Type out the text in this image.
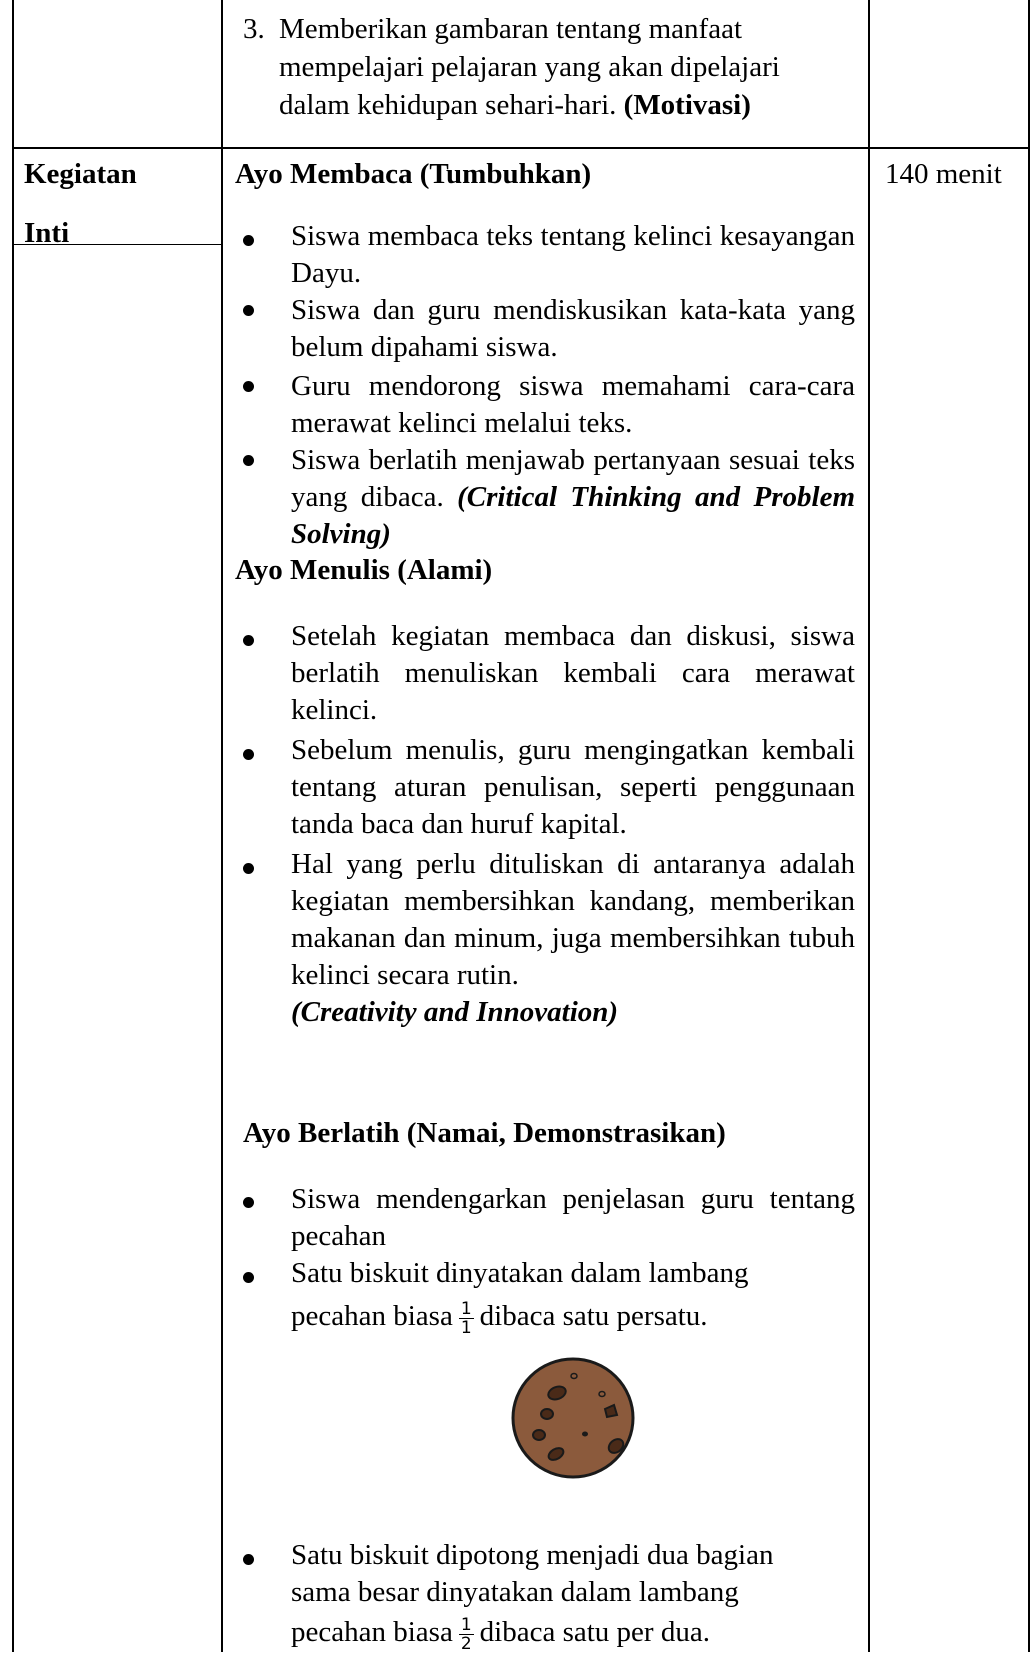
3. Memberikan gambaran tentang manfaat
mempelajari pelajaran yang akan dipelajari
dalam kehidupan sehari-hari. (Motivasi)
Kegiatan
Inti
140 menit
Ayo Membaca (Tumbuhkan)
Siswa membaca teks tentang kelinci kesayangan Dayu.
Siswa dan guru mendiskusikan kata-kata yang belum dipahami siswa.
Guru mendorong siswa memahami cara-cara merawat kelinci melalui teks.
Siswa berlatih menjawab pertanyaan sesuai teks yang dibaca. (Critical Thinking and Problem Solving)
Ayo Menulis (Alami)
Setelah kegiatan membaca dan diskusi, siswa berlatih menuliskan kembali cara merawat kelinci.
Sebelum menulis, guru mengingatkan kembali tentang aturan penulisan, seperti penggunaan tanda baca dan huruf kapital.
Hal yang perlu dituliskan di antaranya adalah kegiatan membersihkan kandang, memberikan makanan dan minum, juga membersihkan tubuh kelinci secara rutin.
(Creativity and Innovation)
Ayo Berlatih (Namai, Demonstrasikan)
Siswa mendengarkan penjelasan guru tentang pecahan
Satu biskuit dinyatakan dalam lambang
pecahan biasa $\frac{1}{1}$ dibaca satu persatu.
Satu biskuit dipotong menjadi dua bagian
sama besar dinyatakan dalam lambang
pecahan biasa $\frac{1}{2}$ dibaca satu per dua.
